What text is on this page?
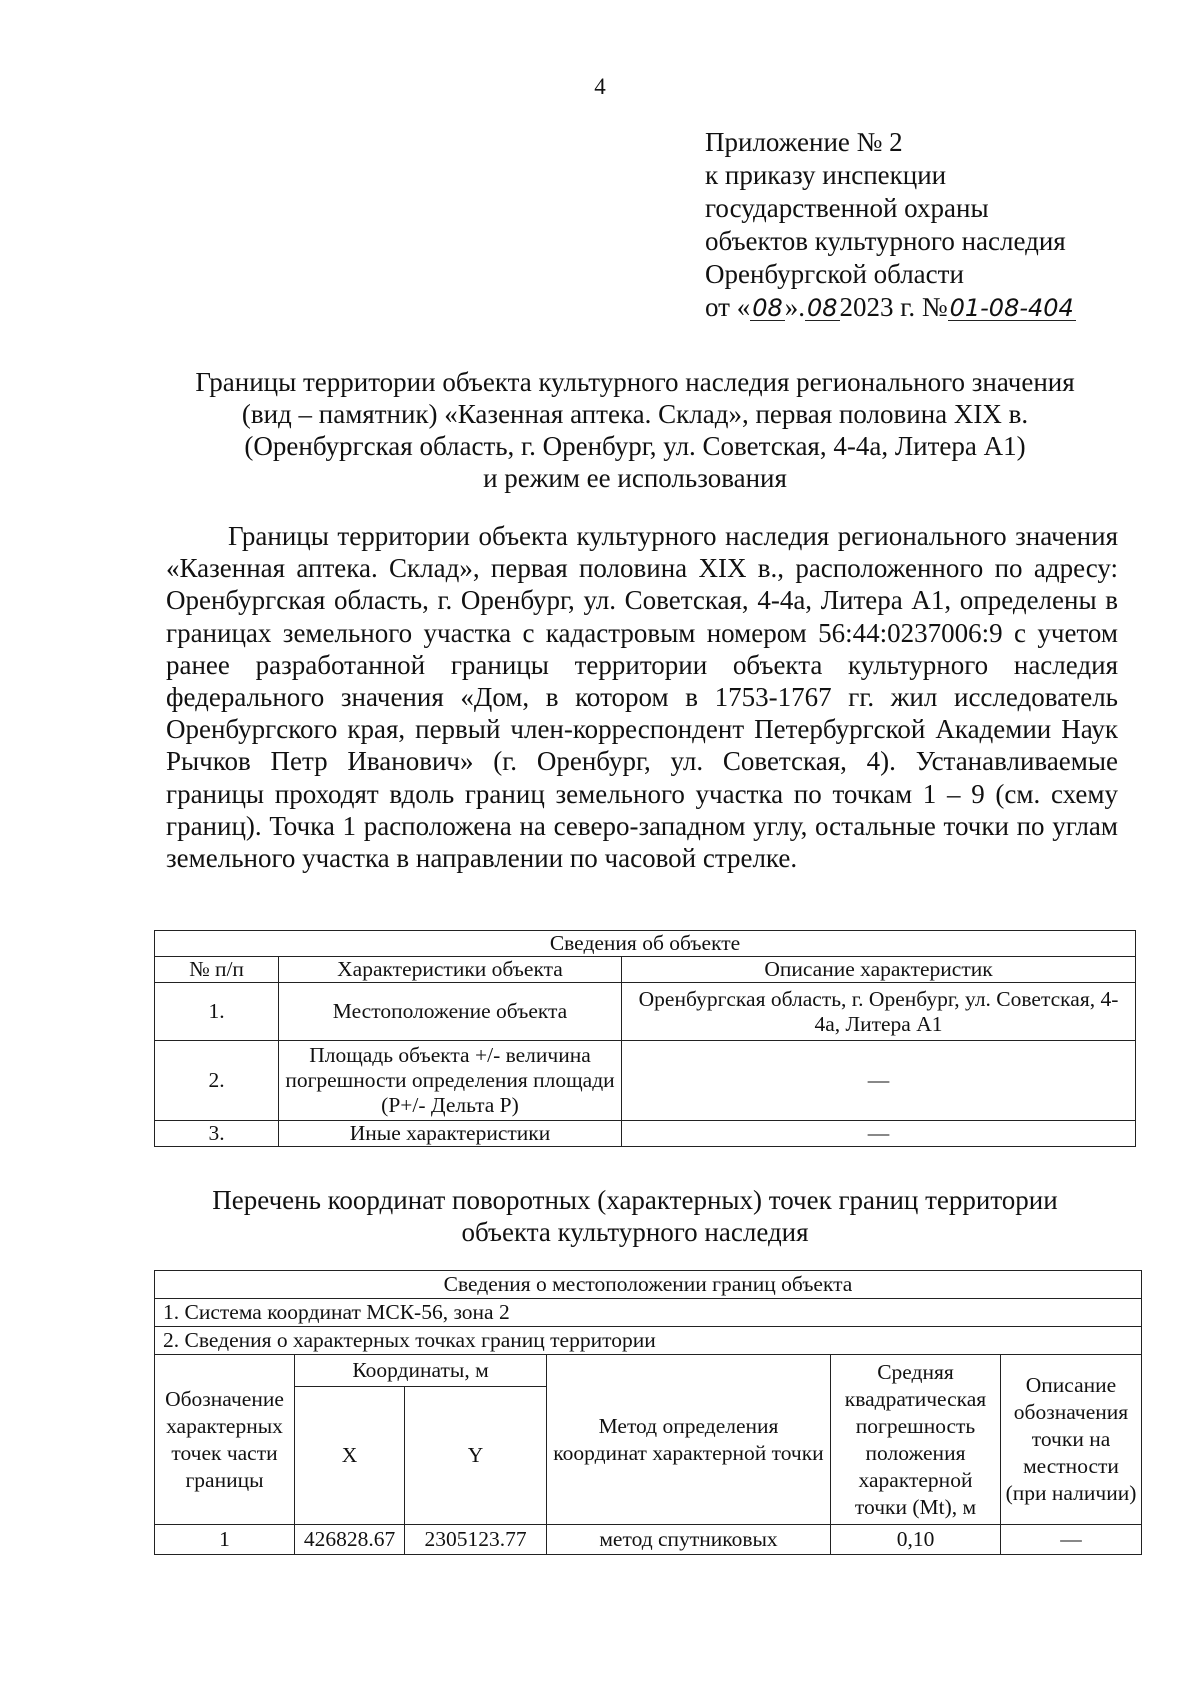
4
Приложение № 2
к приказу инспекции
государственной охраны
объектов культурного наследия
Оренбургской области
от «08».082023 г. №01-08-404
Границы территории объекта культурного наследия регионального значения
(вид – памятник) «Казенная аптека. Склад», первая половина XIX в.
(Оренбургская область, г. Оренбург, ул. Советская, 4-4а, Литера А1)
и режим ее использования

Границы территории объекта культурного наследия регионального значения «Казенная аптека. Склад», первая половина XIX в., расположенного по адресу: Оренбургская область, г. Оренбург, ул. Советская, 4-4а, Литера А1, определены в границах земельного участка с кадастровым номером 56:44:0237006:9 с учетом ранее разработанной границы территории объекта культурного наследия федерального значения «Дом, в котором в 1753-1767 гг. жил исследователь Оренбургского края, первый член-корреспондент Петербургской Академии Наук Рычков Петр Иванович» (г. Оренбург, ул. Советская, 4). Устанавливаемые границы проходят вдоль границ земельного участка по точкам 1 – 9 (см. схему границ). Точка 1 расположена на северо-западном углу, остальные точки по углам земельного участка в направлении по часовой стрелке.

Сведения об объекте		
№ п/п	Характеристики объекта	Описание характеристик
1.	Местоположение объекта	Оренбургская область, г. Оренбург, ул. Советская, 4-4а, Литера А1
2.	Площадь объекта +/- величина погрешности определения площади (P+/- Дельта P)	—
3.	Иные характеристики	—
Перечень координат поворотных (характерных) точек границ территории
объекта культурного наследия
Сведения о местоположении границ объекта					
1. Система координат МСК-56, зона 2					
2. Сведения о характерных точках границ территории					
Обозначение характерных точек части границы	Координаты, м		Метод определения координат характерной точки	Средняя квадратическая погрешность положения характерной точки (Mt), м	Описание обозначения точки на местности (при наличии)
	X	Y			
1	426828.67	2305123.77	метод спутниковых	0,10	—
